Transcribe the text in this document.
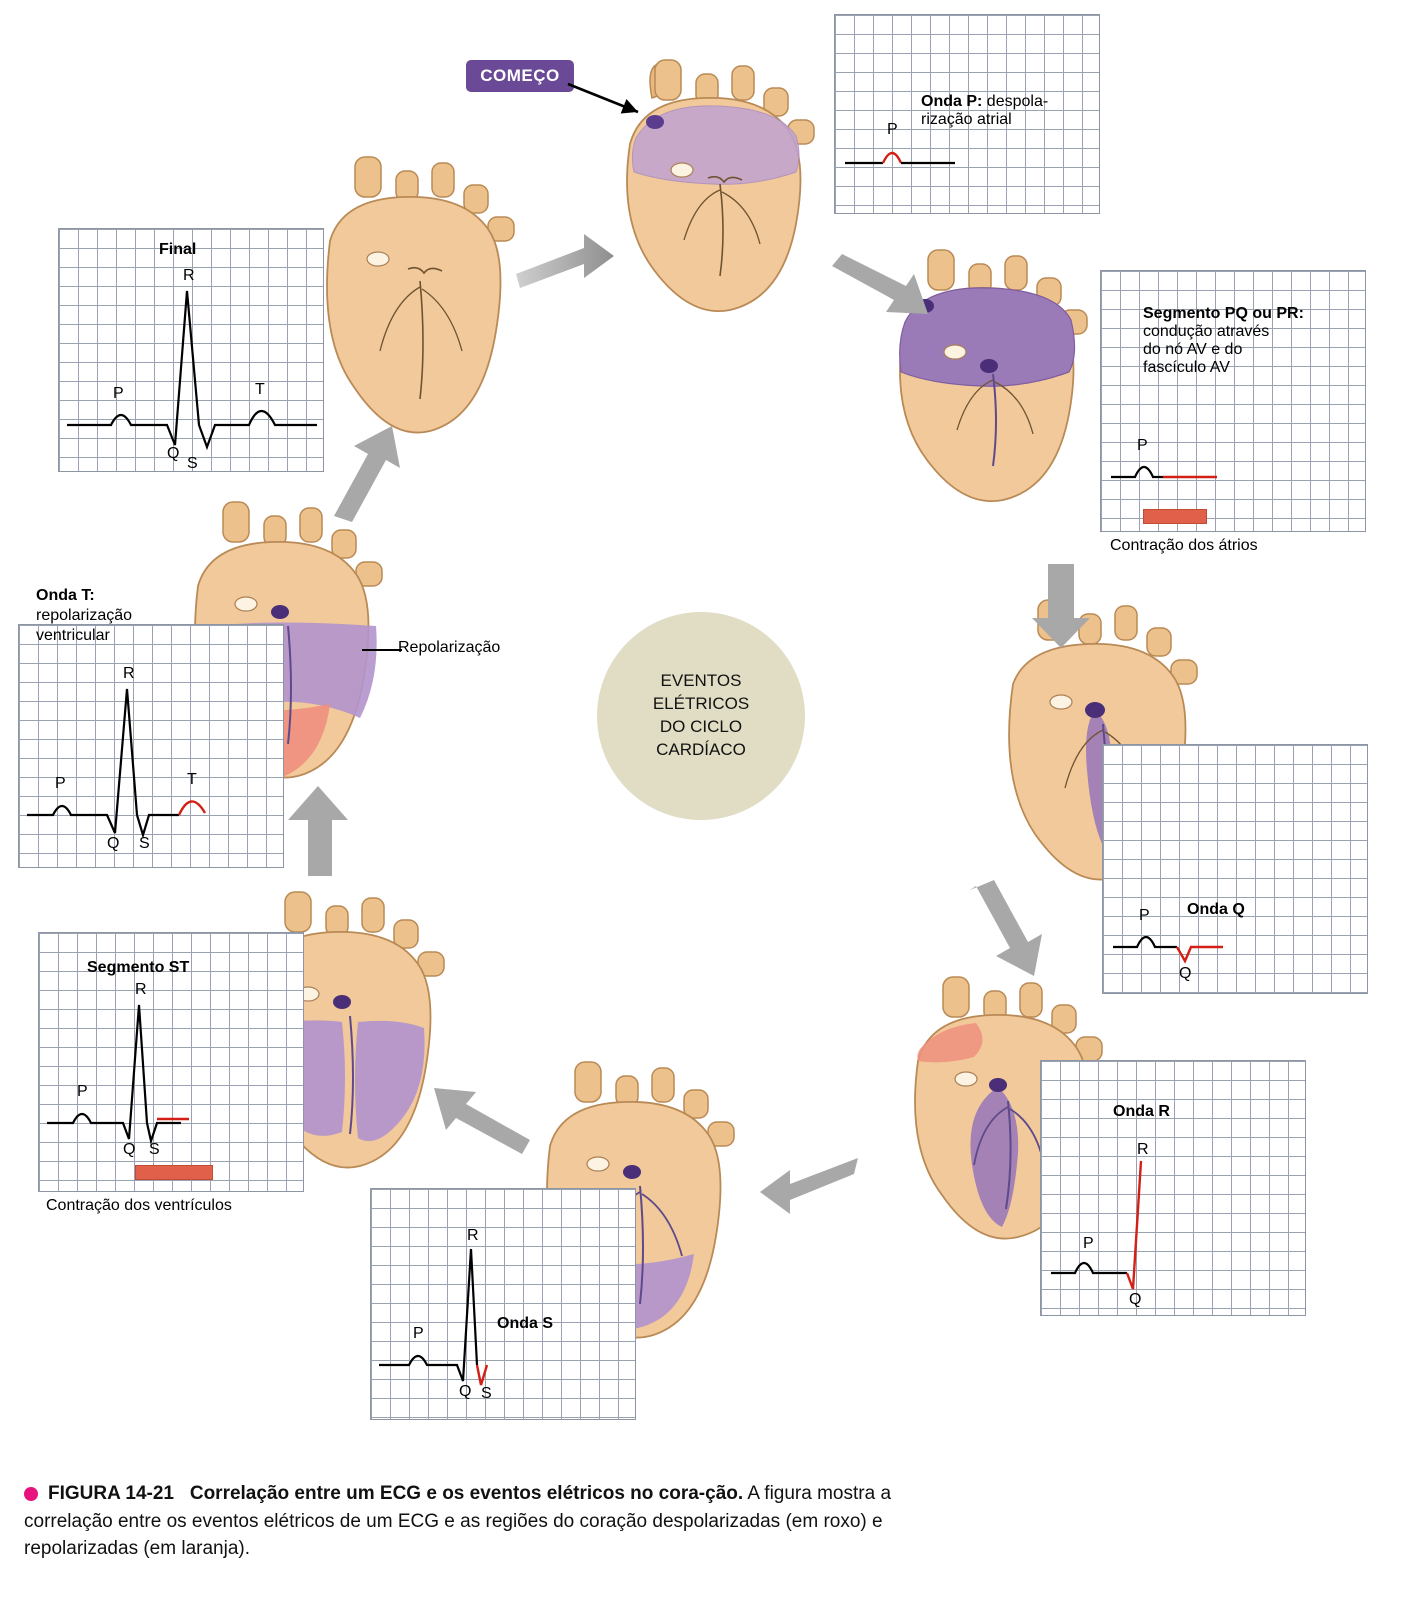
EVENTOS
ELÉTRICOS
DO CICLO
CARDÍACO
COMEÇO
Onda P: despola-
rização atrial
P
Segmento PQ ou PR:
condução através
do nó AV e do
fascículo AV
P
Contração dos átrios
Onda Q
P
Q
Onda R
P
R
Q
Onda S
P
R
Q S
Segmento ST
P
R
Q S
Contração dos ventrículos
P
R
Q S
T
Onda T:
repolarização
ventricular
Repolarização
Final
P
R
Q
S
T
FIGURA 14-21 Correlação entre um ECG e os eventos elétricos no cora-ção. A figura mostra a correlação entre os eventos elétricos de um ECG e as regiões do coração despolarizadas (em roxo) e repolarizadas (em laranja).
